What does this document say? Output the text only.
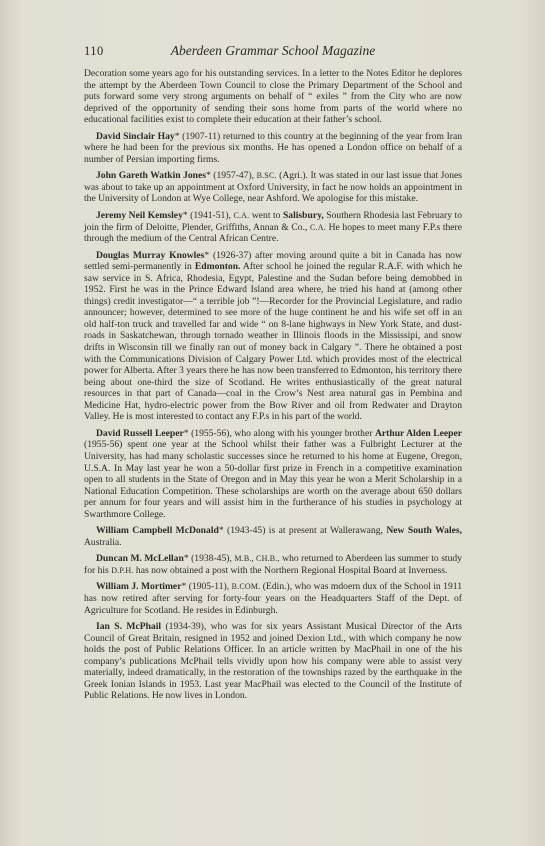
110	Aberdeen Grammar School Magazine

Decoration some years ago for his outstanding services. In a letter to the Notes Editor he deplores the attempt by the Aberdeen Town Council to close the Primary Department of the School and puts forward some very strong arguments on behalf of “ exiles ” from the City who are now deprived of the opportunity of sending their sons home from parts of the world where no educational facilities exist to complete their education at their father’s school.

David Sinclair Hay* (1907-11) returned to this country at the beginning of the year from Iran where he had been for the previous six months. He has opened a London office on behalf of a number of Persian importing firms.

John Gareth Watkin Jones* (1957-47), B.SC. (Agri.). It was stated in our last issue that Jones was about to take up an appointment at Oxford University, in fact he now holds an appointment in the University of London at Wye College, near Ashford. We apologise for this mistake.

Jeremy Neil Kemsley* (1941-51), C.A. went to Salisbury, Southern Rhodesia last February to join the firm of Deloitte, Plender, Griffiths, Annan & Co., C.A. He hopes to meet many F.P.s there through the medium of the Central African Centre.

Douglas Murray Knowles* (1926-37) after moving around quite a bit in Canada has now settled semi-permanently in Edmonton. After school he joined the regular R.A.F. with which he saw service in S. Africa, Rhodesia, Egypt, Palestine and the Sudan before being demobbed in 1952. First he was in the Prince Edward Island area where, he tried his hand at (among other things) credit investigator—“ a terrible job ”!—Recorder for the Provincial Legislature, and radio announcer; however, determined to see more of the huge continent he and his wife set off in an old half-ton truck and travelled far and wide “ on 8-lane highways in New York State, and dust-roads in Saskatchewan, through tornado weather in Illinois floods in the Mississipi, and snow drifts in Wisconsin till we finally ran out of money back in Calgary ”. There he obtained a post with the Communications Division of Calgary Power Ltd. which provides most of the electrical power for Alberta. After 3 years there he has now been transferred to Edmonton, his territory there being about one-third the size of Scotland. He writes enthusiastically of the great natural resources in that part of Canada—coal in the Crow’s Nest area natural gas in Pembina and Medicine Hat, hydro-electric power from the Bow River and oil from Redwater and Drayton Valley. He is most interested to contact any F.P.s in his part of the world.

David Russell Leeper* (1955-56), who along with his younger brother Arthur Alden Leeper (1955-56) spent one year at the School whilst their father was a Fulbright Lecturer at the University, has had many scholastic successes since he returned to his home at Eugene, Oregon, U.S.A. In May last year he won a 50-dollar first prize in French in a competitive examination open to all students in the State of Oregon and in May this year he won a Merit Scholarship in a National Education Competition. These scholarships are worth on the average about 650 dollars per annum for four years and will assist him in the furtherance of his studies in psychology at Swarthmore College.

William Campbell McDonald* (1943-45) is at present at Wallerawang, New South Wales, Australia.

Duncan M. McLellan* (1938-45), M.B., CH.B., who returned to Aberdeen las summer to study for his D.P.H. has now obtained a post with the Northern Regional Hospital Board at Inverness.

William J. Mortimer* (1905-11), B.COM. (Edin.), who was mdoern dux of the School in 1911 has now retired after serving for forty-four years on the Headquarters Staff of the Dept. of Agriculture for Scotland. He resides in Edinburgh.

Ian S. McPhail (1934-39), who was for six years Assistant Musical Director of the Arts Council of Great Britain, resigned in 1952 and joined Dexion Ltd., with which company he now holds the post of Public Relations Officer. In an article written by MacPhail in one of the his company’s publications McPhail tells vividly upon how his company were able to assist very materially, indeed dramatically, in the restoration of the townships razed by the earthquake in the Greek Ionian Islands in 1953. Last year MacPhail was elected to the Council of the Institute of Public Relations. He now lives in London.
